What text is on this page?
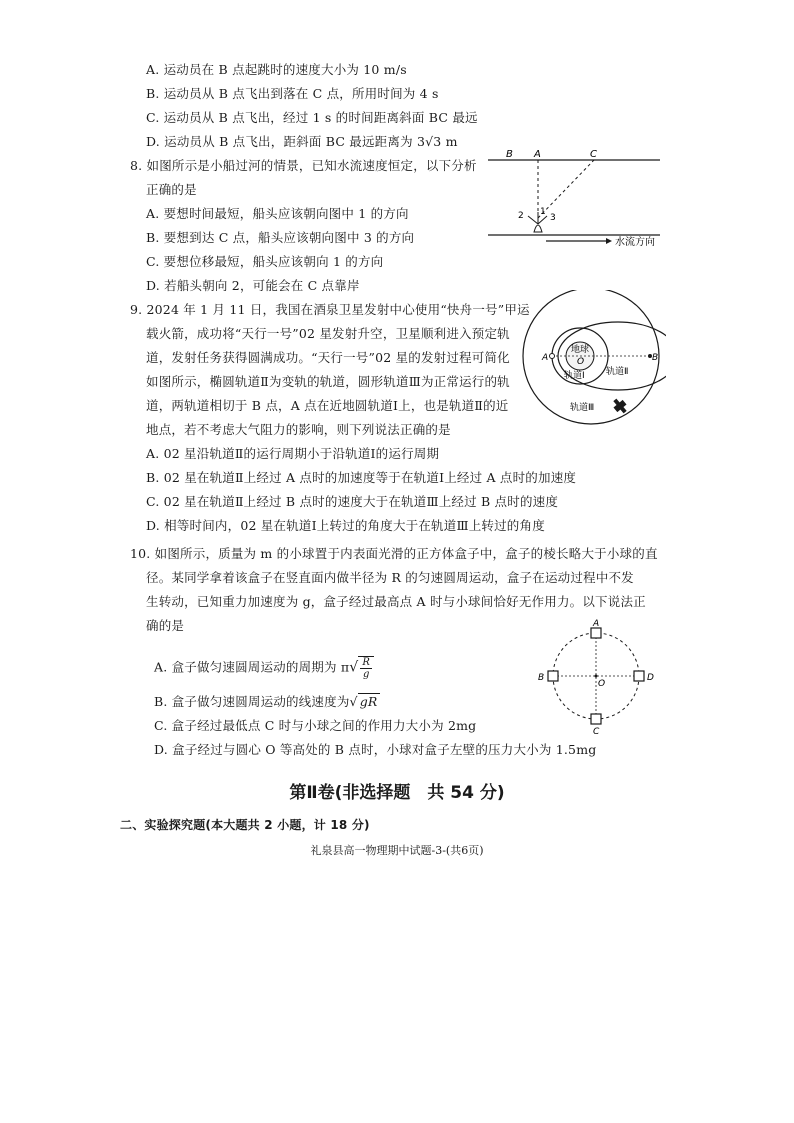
A. 运动员在 B 点起跳时的速度大小为 10 m/s
B. 运动员从 B 点飞出到落在 C 点，所用时间为 4 s
C. 运动员从 B 点飞出，经过 1 s 的时间距离斜面 BC 最远
D. 运动员从 B 点飞出，距斜面 BC 最远距离为 3√3 m
8. 如图所示是小船过河的情景，已知水流速度恒定，以下分析
正确的是
A. 要想时间最短，船头应该朝向图中 1 的方向
B. 要想到达 C 点，船头应该朝向图中 3 的方向
C. 要想位移最短，船头应该朝向 1 的方向
D. 若船头朝向 2，可能会在 C 点靠岸
B A	C
1
2	3
水流方向
9. 2024 年 1 月 11 日，我国在酒泉卫星发射中心使用“快舟一号”甲运
载火箭，成功将“天行一号”02 星发射升空，卫星顺利进入预定轨
道，发射任务获得圆满成功。“天行一号”02 星的发射过程可简化
如图所示，椭圆轨道Ⅱ为变轨的轨道，圆形轨道Ⅲ为正常运行的轨
道，两轨道相切于 B 点，A 点在近地圆轨道Ⅰ上，也是轨道Ⅱ的近
地点，若不考虑大气阻力的影响，则下列说法正确的是
A. 02 星沿轨道Ⅱ的运行周期小于沿轨道Ⅰ的运行周期
B. 02 星在轨道Ⅱ上经过 A 点时的加速度等于在轨道Ⅰ上经过 A 点时的加速度
C. 02 星在轨道Ⅱ上经过 B 点时的速度大于在轨道Ⅲ上经过 B 点时的速度
D. 相等时间内，02 星在轨道Ⅰ上转过的角度大于在轨道Ⅲ上转过的角度
地球
O
A	B
轨道Ⅰ 轨道Ⅱ
轨道Ⅲ
10. 如图所示，质量为 m 的小球置于内表面光滑的正方体盒子中，盒子的棱长略大于小球的直
径。某同学拿着该盒子在竖直面内做半径为 R 的匀速圆周运动，盒子在运动过程中不发
生转动，已知重力加速度为 g，盒子经过最高点 A 时与小球间恰好无作用力。以下说法正
确的是
A. 盒子做匀速圆周运动的周期为 $\pi√ \frac{R}{g}$
B. 盒子做匀速圆周运动的线速度为√ gR
C. 盒子经过最低点 C 时与小球之间的作用力大小为 2mg
D. 盒子经过与圆心 O 等高处的 B 点时，小球对盒子左壁的压力大小为 1.5mg
A
C
B	D
O
第Ⅱ卷(非选择题　共 54 分)
二、实验探究题(本大题共 2 小题，计 18 分)
礼泉县高一物理期中试题-3-(共6页)
